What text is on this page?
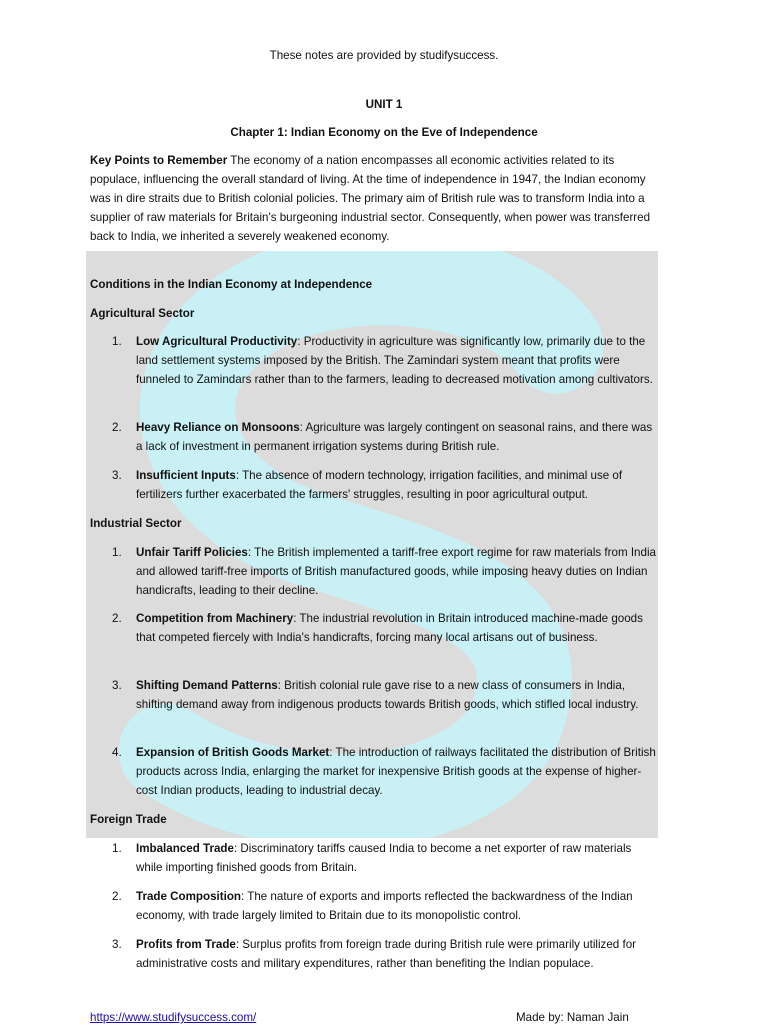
These notes are provided by studifysuccess.
UNIT 1
Chapter 1: Indian Economy on the Eve of Independence
Key Points to Remember The economy of a nation encompasses all economic activities related to its populace, influencing the overall standard of living. At the time of independence in 1947, the Indian economy was in dire straits due to British colonial policies. The primary aim of British rule was to transform India into a supplier of raw materials for Britain's burgeoning industrial sector. Consequently, when power was transferred back to India, we inherited a severely weakened economy.
Conditions in the Indian Economy at Independence
Agricultural Sector
1. Low Agricultural Productivity: Productivity in agriculture was significantly low, primarily due to the land settlement systems imposed by the British. The Zamindari system meant that profits were funneled to Zamindars rather than to the farmers, leading to decreased motivation among cultivators.
2. Heavy Reliance on Monsoons: Agriculture was largely contingent on seasonal rains, and there was a lack of investment in permanent irrigation systems during British rule.
3. Insufficient Inputs: The absence of modern technology, irrigation facilities, and minimal use of fertilizers further exacerbated the farmers' struggles, resulting in poor agricultural output.
Industrial Sector
1. Unfair Tariff Policies: The British implemented a tariff-free export regime for raw materials from India and allowed tariff-free imports of British manufactured goods, while imposing heavy duties on Indian handicrafts, leading to their decline.
2. Competition from Machinery: The industrial revolution in Britain introduced machine-made goods that competed fiercely with India's handicrafts, forcing many local artisans out of business.
3. Shifting Demand Patterns: British colonial rule gave rise to a new class of consumers in India, shifting demand away from indigenous products towards British goods, which stifled local industry.
4. Expansion of British Goods Market: The introduction of railways facilitated the distribution of British products across India, enlarging the market for inexpensive British goods at the expense of higher-cost Indian products, leading to industrial decay.
Foreign Trade
1. Imbalanced Trade: Discriminatory tariffs caused India to become a net exporter of raw materials while importing finished goods from Britain.
2. Trade Composition: The nature of exports and imports reflected the backwardness of the Indian economy, with trade largely limited to Britain due to its monopolistic control.
3. Profits from Trade: Surplus profits from foreign trade during British rule were primarily utilized for administrative costs and military expenditures, rather than benefiting the Indian populace.
https://www.studifysuccess.com/	Made by: Naman Jain
